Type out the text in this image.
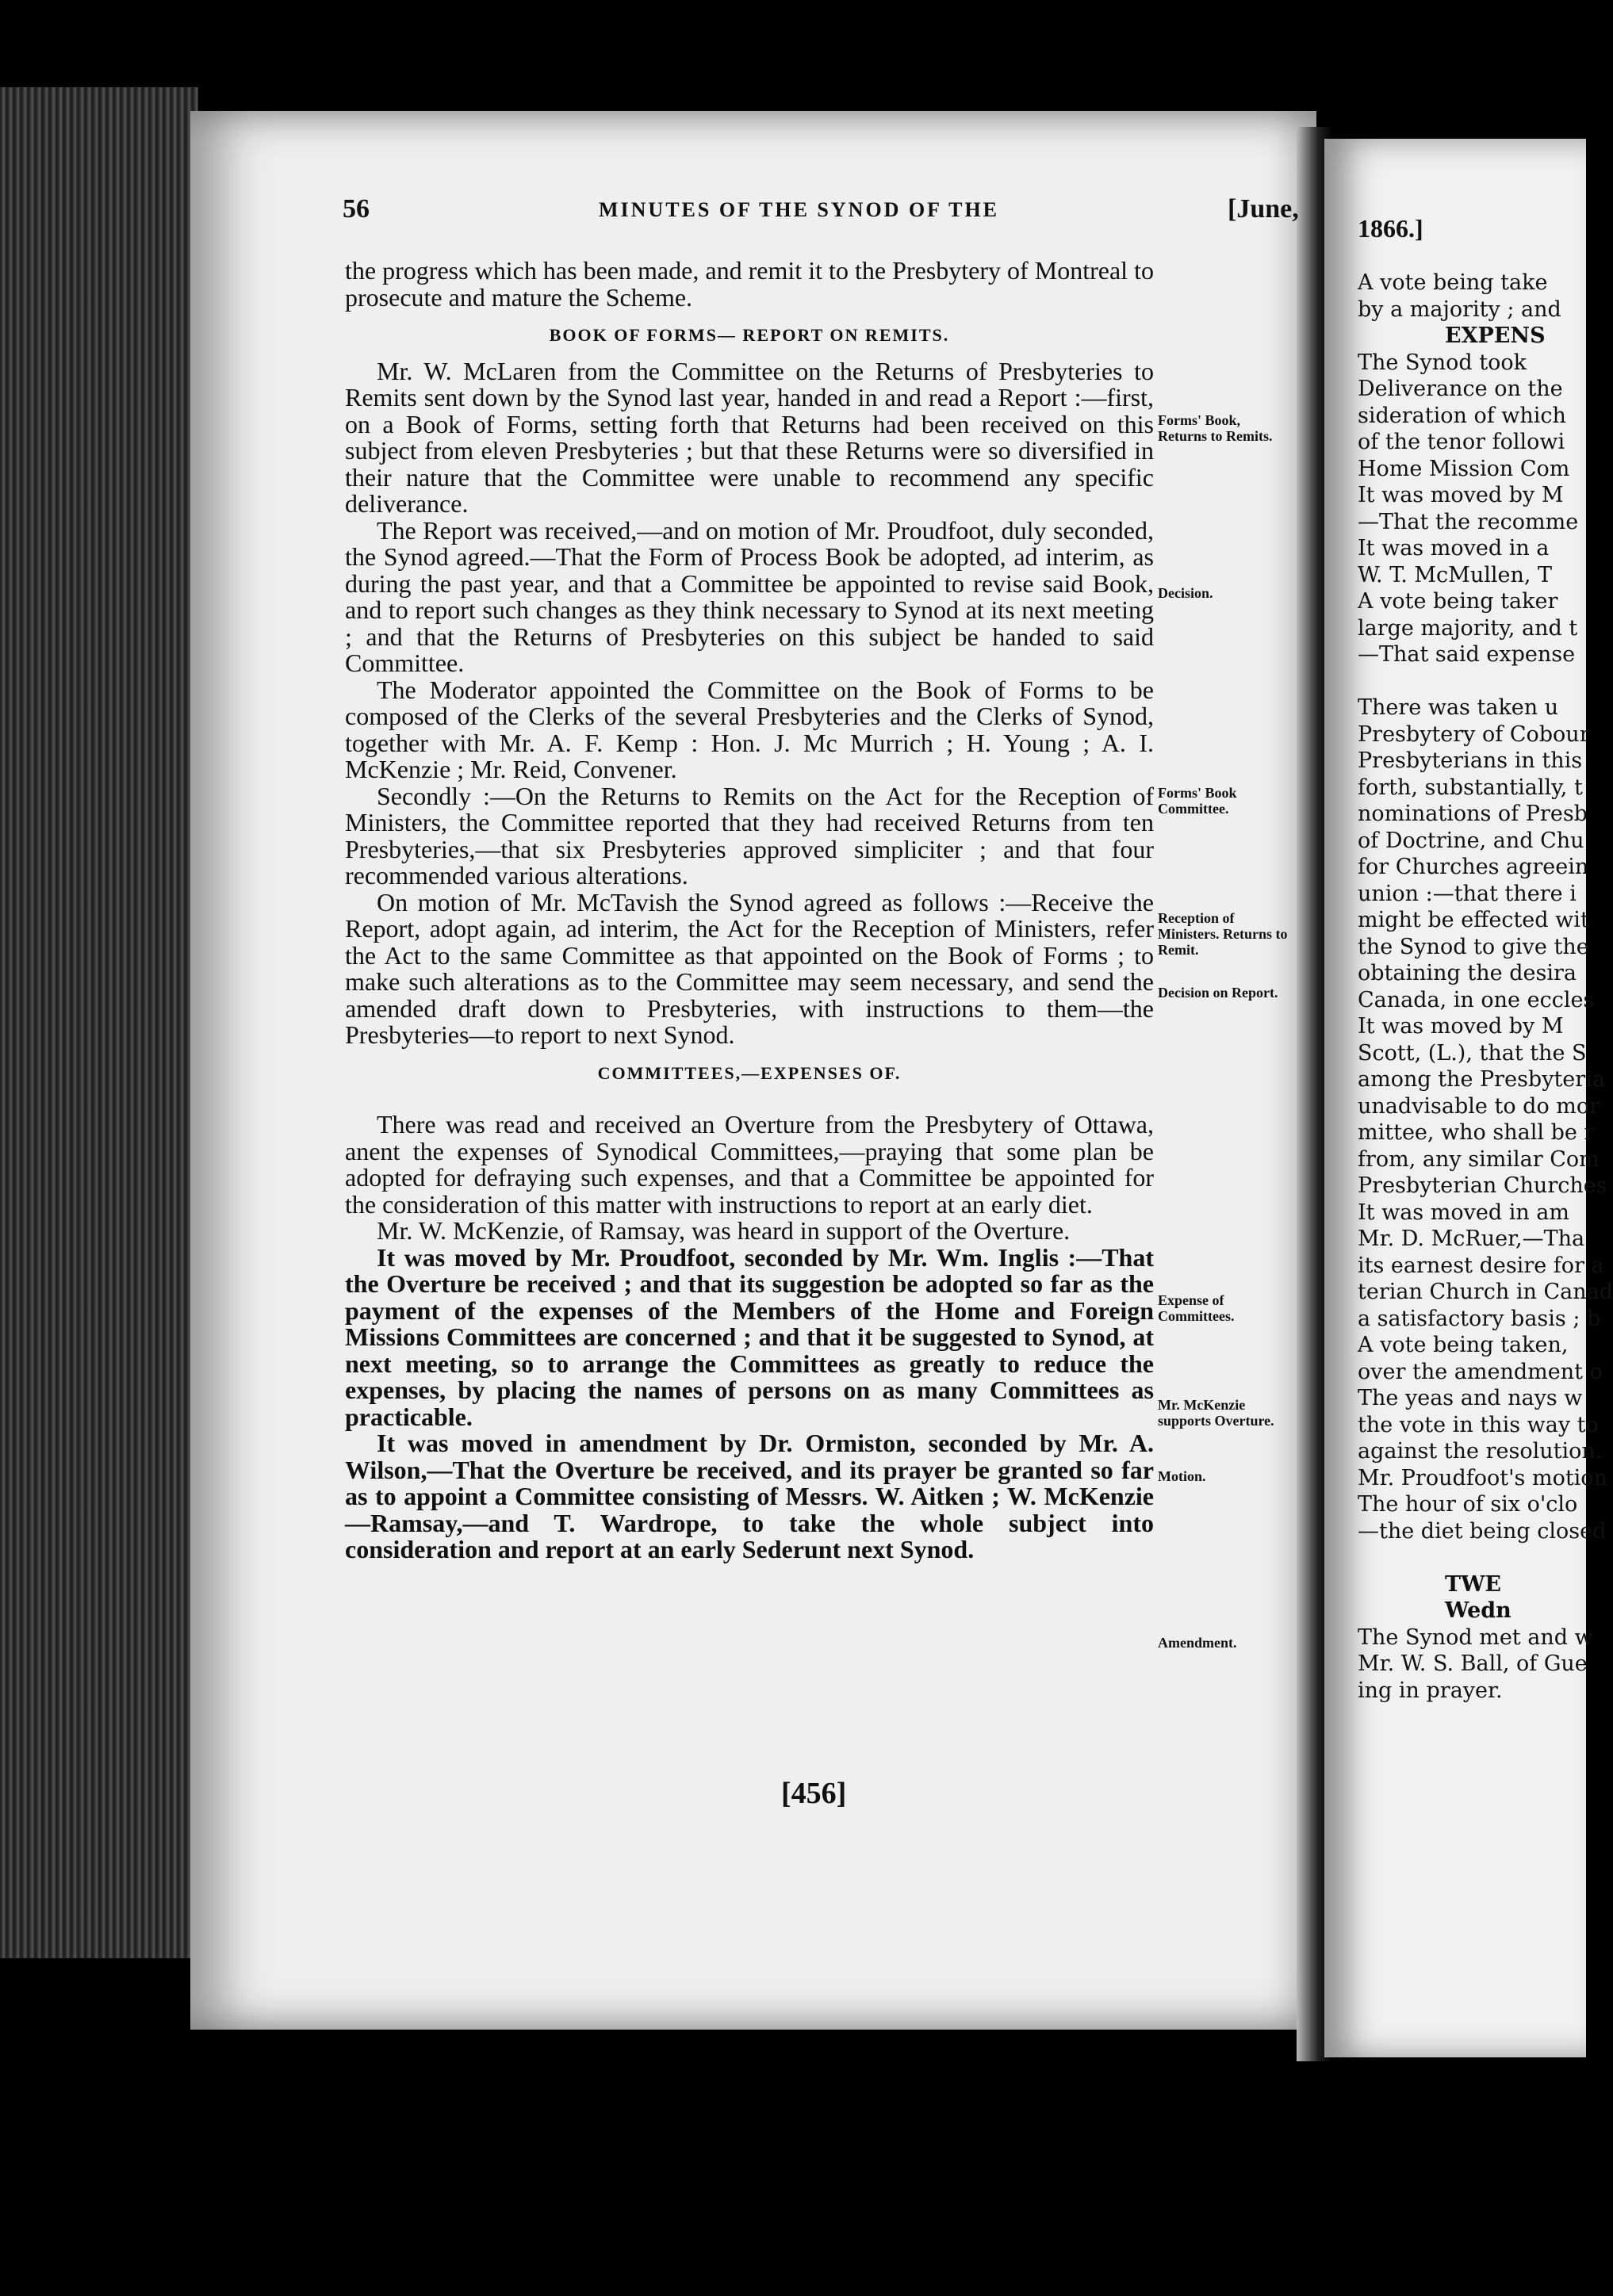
56	MINUTES OF THE SYNOD OF THE	[June,

the progress which has been made, and remit it to the Presbytery of Montreal to prosecute and mature the Scheme.

BOOK OF FORMS— REPORT ON REMITS.

Mr. W. McLaren from the Committee on the Returns of Presbyteries to Remits sent down by the Synod last year, handed in and read a Report :—first, on a Book of Forms, setting forth that Returns had been received on this subject from eleven Presbyteries ; but that these Returns were so diversified in their nature that the Committee were unable to recommend any specific deliverance.

The Report was received,—and on motion of Mr. Proudfoot, duly seconded, the Synod agreed.—That the Form of Process Book be adopted, ad interim, as during the past year, and that a Committee be appointed to revise said Book, and to report such changes as they think necessary to Synod at its next meeting ; and that the Returns of Presbyteries on this subject be handed to said Committee.

The Moderator appointed the Committee on the Book of Forms to be composed of the Clerks of the several Presbyteries and the Clerks of Synod, together with Mr. A. F. Kemp : Hon. J. Mc Murrich ; H. Young ; A. I. McKenzie ; Mr. Reid, Convener.

Secondly :—On the Returns to Remits on the Act for the Reception of Ministers, the Committee reported that they had received Returns from ten Presbyteries,—that six Presbyteries approved simpliciter ; and that four recommended various alterations.

On motion of Mr. McTavish the Synod agreed as follows :—Receive the Report, adopt again, ad interim, the Act for the Reception of Ministers, refer the Act to the same Committee as that appointed on the Book of Forms ; to make such alterations as to the Committee may seem necessary, and send the amended draft down to Presbyteries, with instructions to them—the Presbyteries—to report to next Synod.

COMMITTEES,—EXPENSES OF.

There was read and received an Overture from the Presbytery of Ottawa, anent the expenses of Synodical Committees,—praying that some plan be adopted for defraying such expenses, and that a Committee be appointed for the consideration of this matter with instructions to report at an early diet.

Mr. W. McKenzie, of Ramsay, was heard in support of the Overture.

It was moved by Mr. Proudfoot, seconded by Mr. Wm. Inglis :—That the Overture be received ; and that its suggestion be adopted so far as the payment of the expenses of the Members of the Home and Foreign Missions Committees are concerned ; and that it be suggested to Synod, at next meeting, so to arrange the Committees as greatly to reduce the expenses, by placing the names of persons on as many Committees as practicable.

It was moved in amendment by Dr. Ormiston, seconded by Mr. A. Wilson,—That the Overture be received, and its prayer be granted so far as to appoint a Committee consisting of Messrs. W. Aitken ; W. McKenzie—Ramsay,—and T. Wardrope, to take the whole subject into consideration and report at an early Sederunt next Synod.

[456]
Forms' Book, Returns to Remits.
Decision.
Forms' Book Committee.
Reception of Ministers. Returns to Remit.
Decision on Report.
Expense of Committees.
Mr. McKenzie supports Overture.
Motion.
Amendment.
1866.]
A vote being take
by a majority ; and
EXPENS
The Synod took
Deliverance on the
sideration of which
of the tenor followi
Home Mission Com
It was moved by M
—That the recomme
It was moved in a
W. T. McMullen, T
A vote being taker
large majority, and t
—That said expense

There was taken u
Presbytery of Cobour
Presbyterians in this
forth, substantially, t
nominations of Presb
of Doctrine, and Chu
for Churches agreein
union :—that there i
might be effected wit
the Synod to give the
obtaining the desira
Canada, in one eccles
It was moved by M
Scott, (L.), that the S
among the Presbyteria
unadvisable to do mor
mittee, who shall be r
from, any similar Com
Presbyterian Churches
It was moved in am
Mr. D. McRuer,—Tha
its earnest desire for a
terian Church in Canad
a satisfactory basis ; b
A vote being taken,
over the amendment o
The yeas and nays w
the vote in this way to
against the resolution.
Mr. Proudfoot's motion
The hour of six o'clo
—the diet being closed

TWE
Wedn
The Synod met and w
Mr. W. S. Ball, of Gue
ing in prayer.
